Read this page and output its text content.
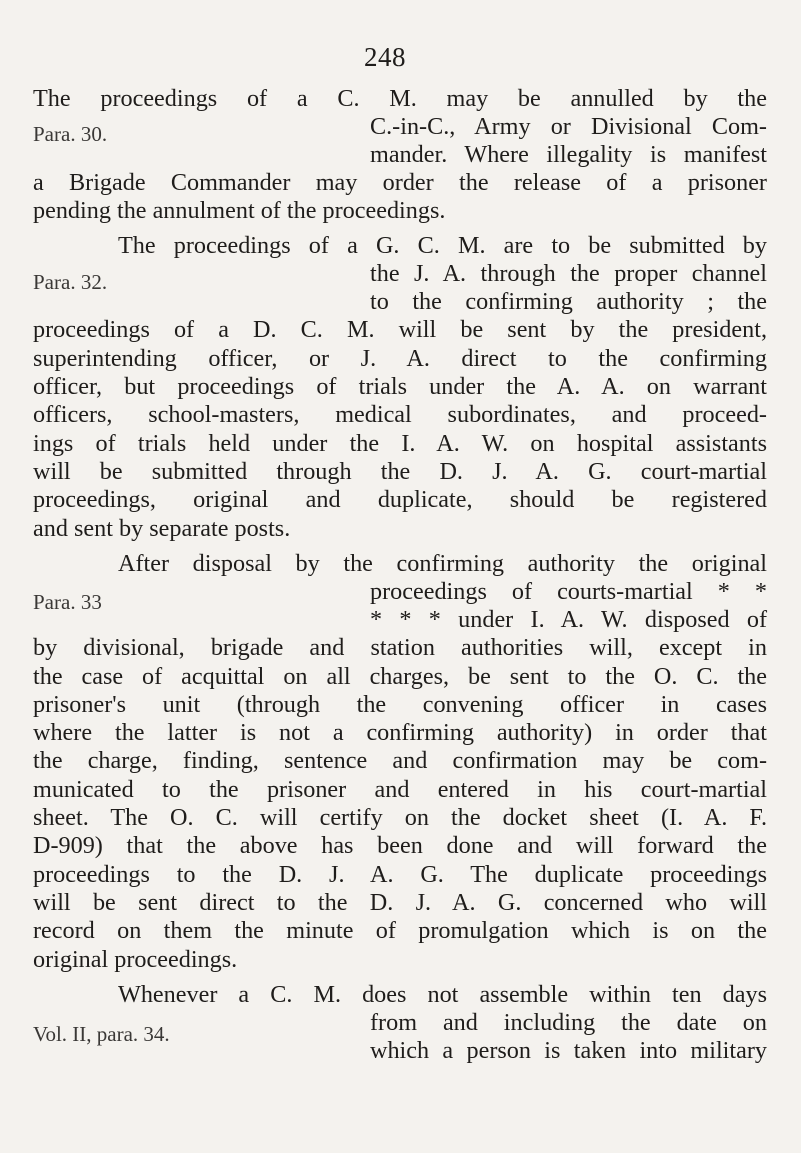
248
The proceedings of a C. M. may be annulled by the
Para. 30.	C.-in-C., Army or Divisional Com-
mander. Where illegality is manifest
a Brigade Commander may order the release of a prisoner
pending the annulment of the proceedings.
The proceedings of a G. C. M. are to be submitted by
Para. 32.	the J. A. through the proper channel
to the confirming authority ; the
proceedings of a D. C. M. will be sent by the president,
superintending officer, or J. A. direct to the confirming
officer, but proceedings of trials under the A. A. on warrant
officers, school-masters, medical subordinates, and proceed-
ings of trials held under the I. A. W. on hospital assistants
will be submitted through the D. J. A. G. court-martial
proceedings, original and duplicate, should be registered
and sent by separate posts.
After disposal by the confirming authority the original
Para. 33	proceedings of courts-martial * *
* * * under I. A. W. disposed of
by divisional, brigade and station authorities will, except in
the case of acquittal on all charges, be sent to the O. C. the
prisoner's unit (through the convening officer in cases
where the latter is not a confirming authority) in order that
the charge, finding, sentence and confirmation may be com-
municated to the prisoner and entered in his court-martial
sheet. The O. C. will certify on the docket sheet (I. A. F.
D-909) that the above has been done and will forward the
proceedings to the D. J. A. G. The duplicate proceedings
will be sent direct to the D. J. A. G. concerned who will
record on them the minute of promulgation which is on the
original proceedings.
Whenever a C. M. does not assemble within ten days
Vol. II, para. 34.	from and including the date on
which a person is taken into military
